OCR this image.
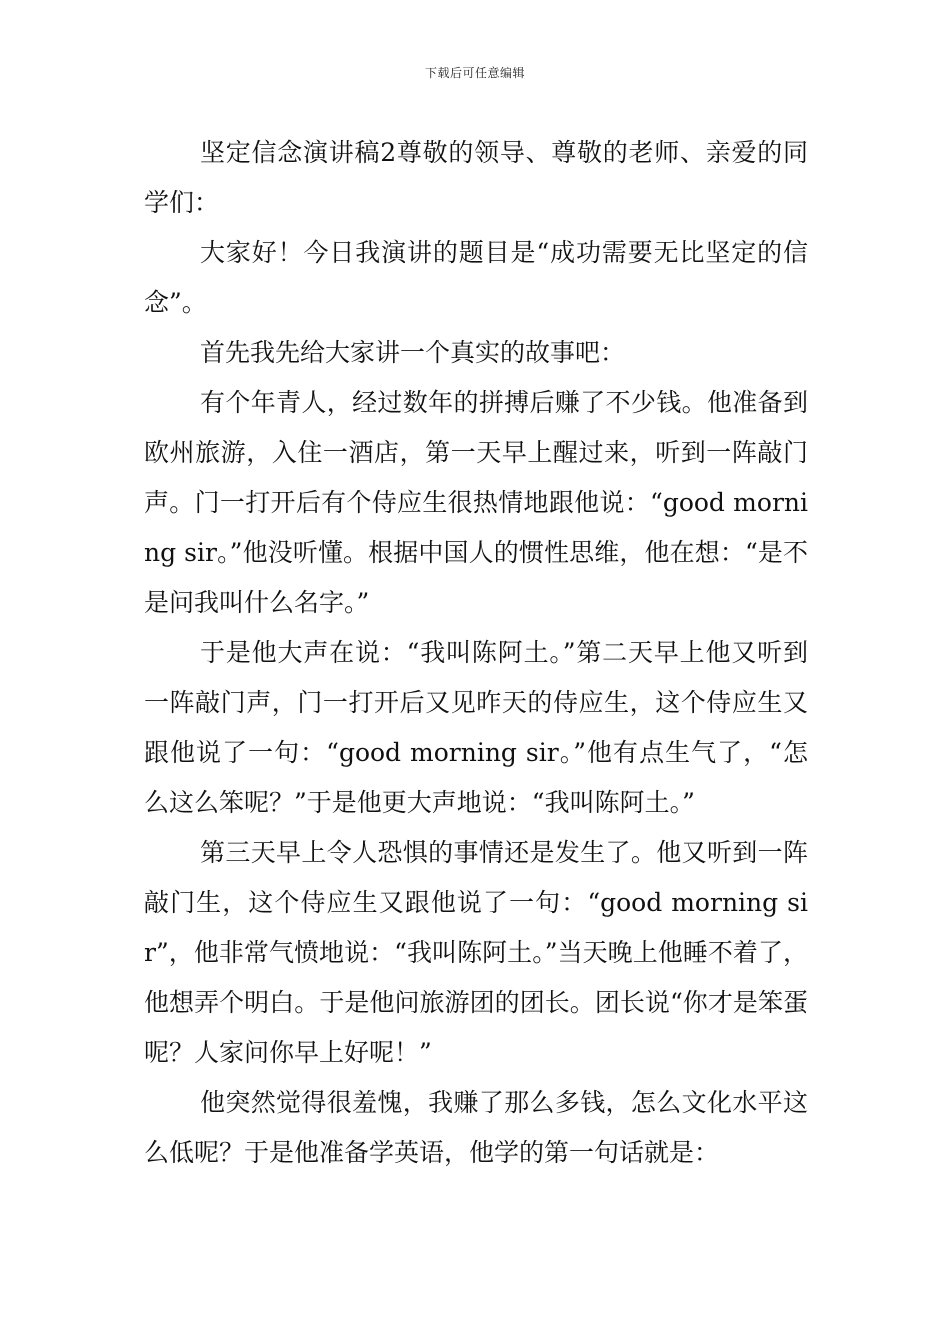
下载后可任意编辑

坚定信念演讲稿2尊敬的领导、尊敬的老师、亲爱的同学们：

大家好！今日我演讲的题目是“成功需要无比坚定的信念”。

首先我先给大家讲一个真实的故事吧：

有个年青人，经过数年的拼搏后赚了不少钱。他准备到欧州旅游，入住一酒店，第一天早上醒过来，听到一阵敲门声。门一打开后有个侍应生很热情地跟他说：“good morning sir。”他没听懂。根据中国人的惯性思维，他在想：“是不是问我叫什么名字。”

于是他大声在说：“我叫陈阿土。”第二天早上他又听到一阵敲门声，门一打开后又见昨天的侍应生，这个侍应生又跟他说了一句：“good morning sir。”他有点生气了，“怎么这么笨呢？”于是他更大声地说：“我叫陈阿土。”

第三天早上令人恐惧的事情还是发生了。他又听到一阵敲门生，这个侍应生又跟他说了一句：“good morning sir”，他非常气愤地说：“我叫陈阿土。”当天晚上他睡不着了，他想弄个明白。于是他问旅游团的团长。团长说“你才是笨蛋呢？人家问你早上好呢！”

他突然觉得很羞愧，我赚了那么多钱，怎么文化水平这么低呢？于是他准备学英语，他学的第一句话就是：
